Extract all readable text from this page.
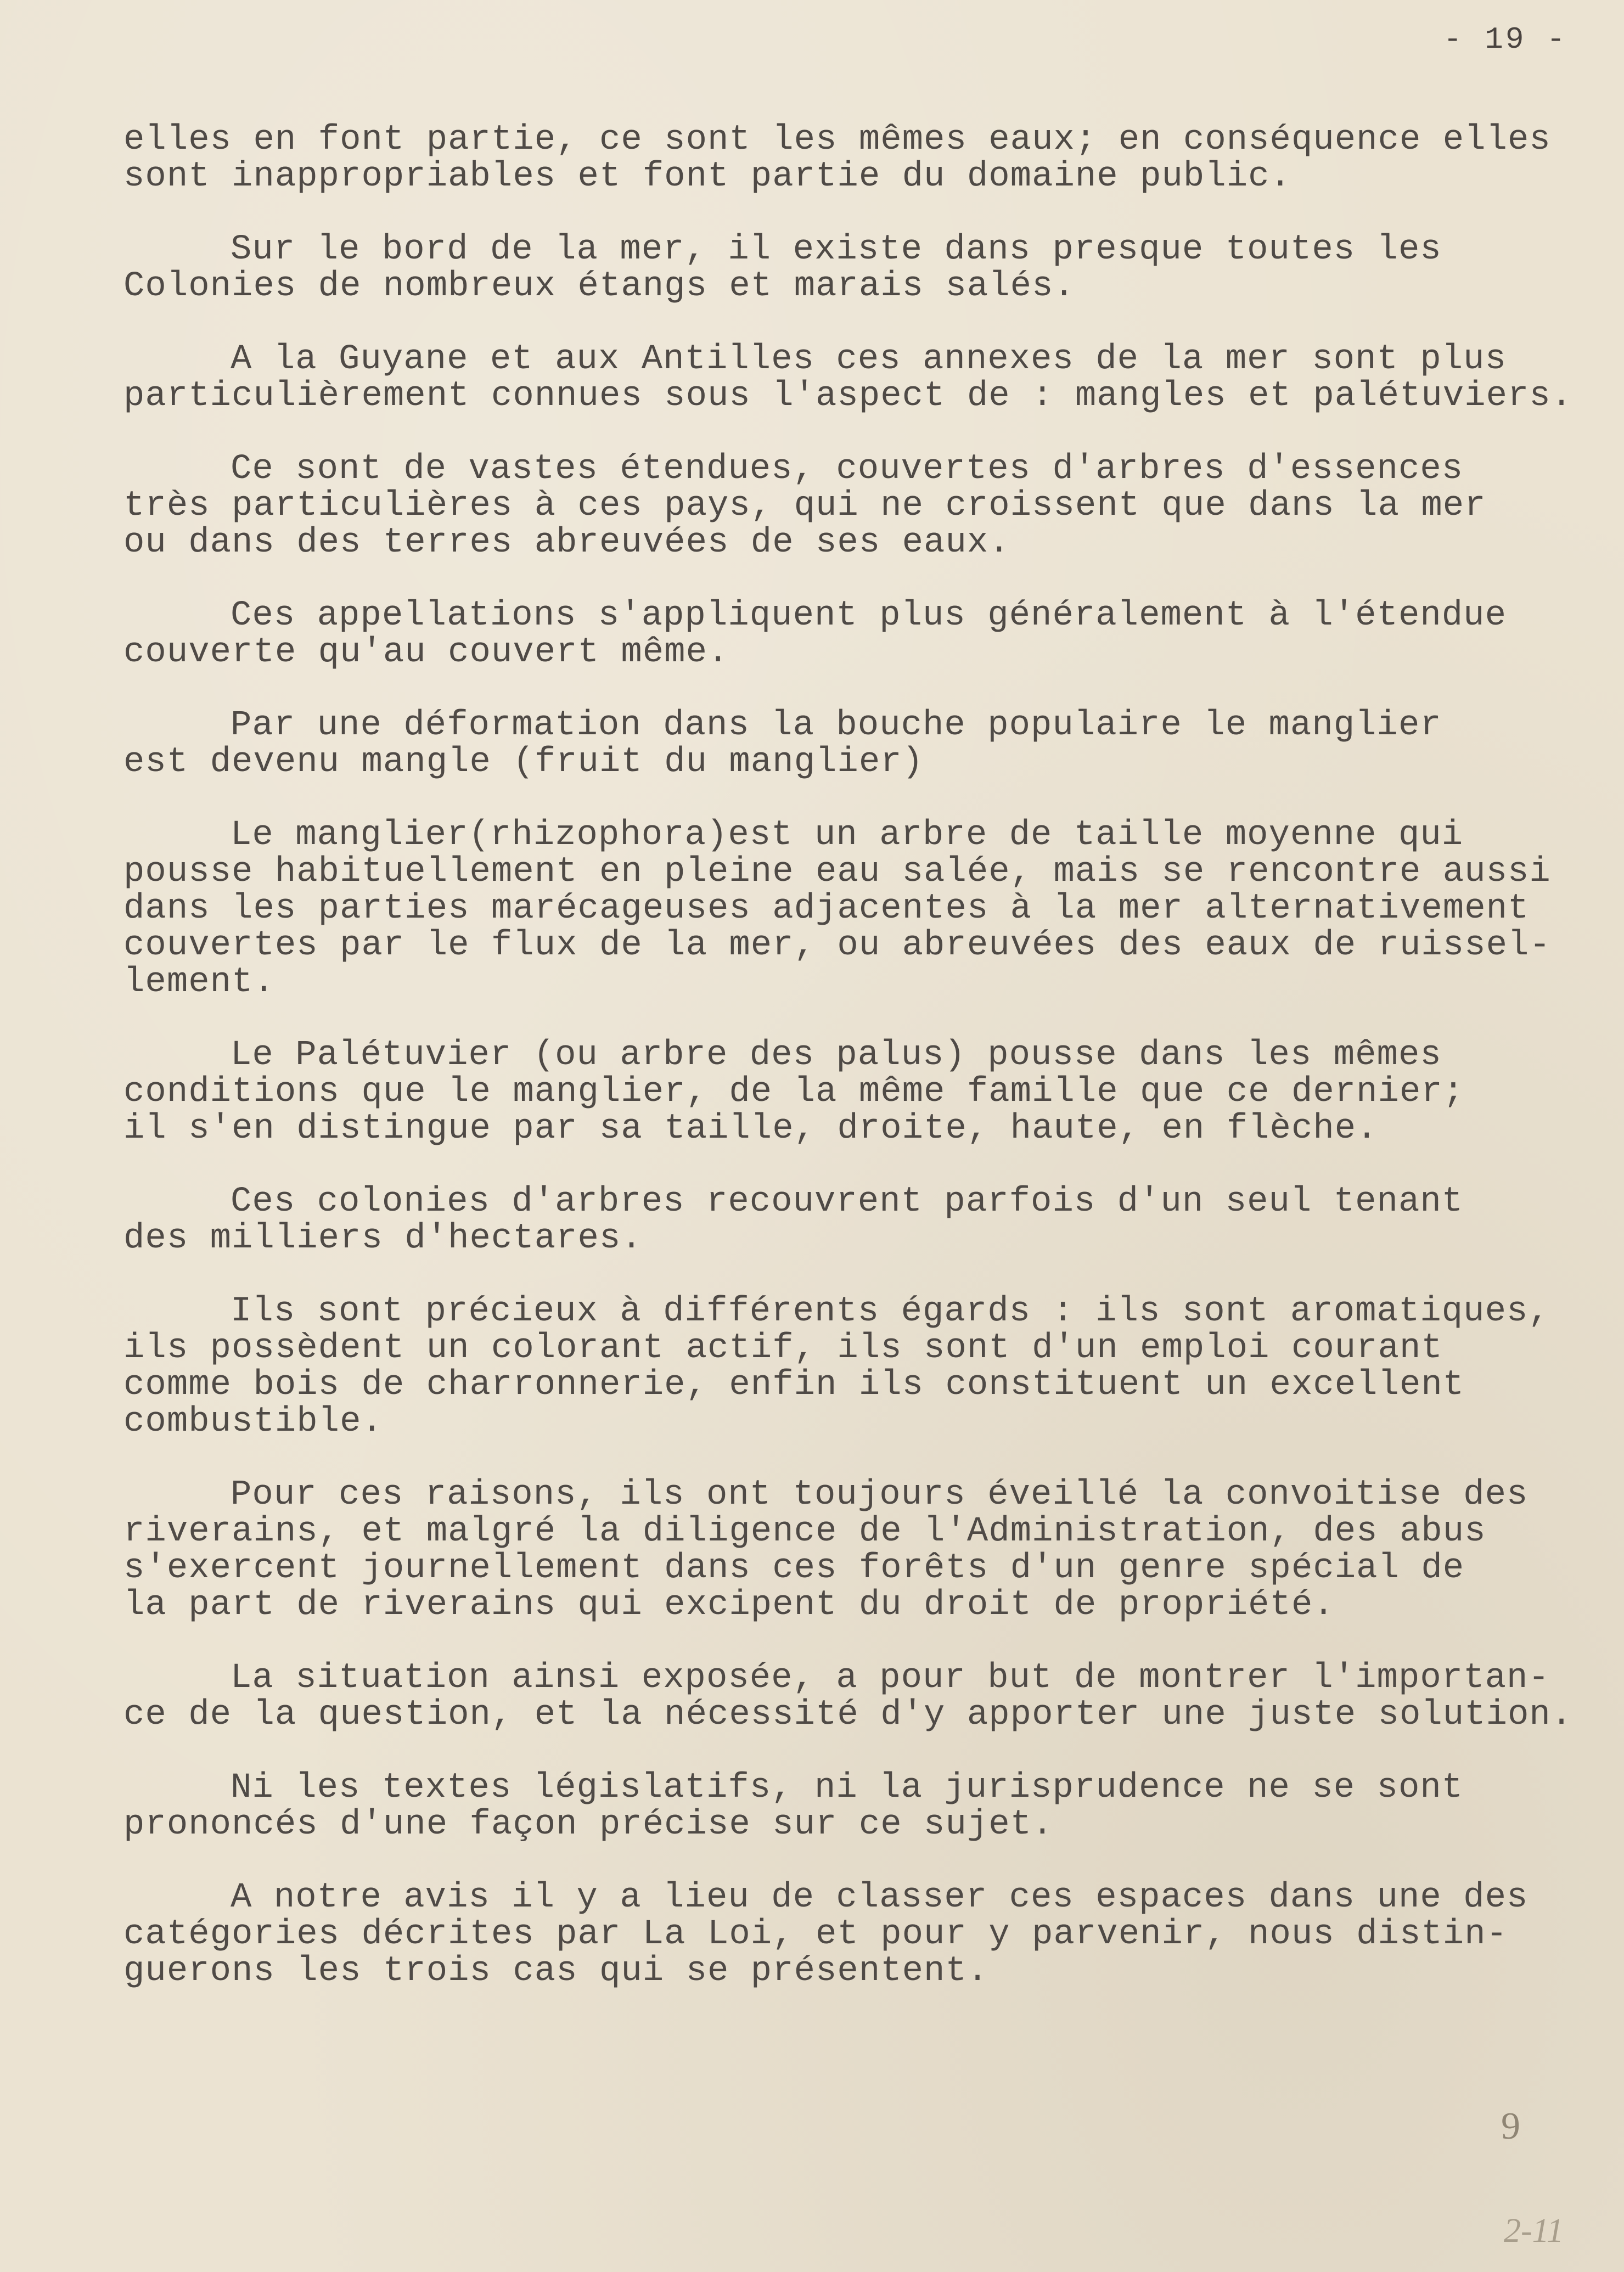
- 19 -

elles en font partie, ce sont les mêmes eaux; en conséquence elles
sont inappropriables et font partie du domaine public.

Sur le bord de la mer, il existe dans presque toutes les
Colonies de nombreux étangs et marais salés.

A la Guyane et aux Antilles ces annexes de la mer sont plus
particulièrement connues sous l'aspect de : mangles et palétuviers.

Ce sont de vastes étendues, couvertes d'arbres d'essences
très particulières à ces pays, qui ne croissent que dans la mer
ou dans des terres abreuvées de ses eaux.

Ces appellations s'appliquent plus généralement à l'étendue
couverte qu'au couvert même.

Par une déformation dans la bouche populaire le manglier
est devenu mangle (fruit du manglier)

Le manglier(rhizophora)est un arbre de taille moyenne qui
pousse habituellement en pleine eau salée, mais se rencontre aussi
dans les parties marécageuses adjacentes à la mer alternativement
couvertes par le flux de la mer, ou abreuvées des eaux de ruissel-
lement.

Le Palétuvier (ou arbre des palus) pousse dans les mêmes
conditions que le manglier, de la même famille que ce dernier;
il s'en distingue par sa taille, droite, haute, en flèche.

Ces colonies d'arbres recouvrent parfois d'un seul tenant
des milliers d'hectares.

Ils sont précieux à différents égards : ils sont aromatiques,
ils possèdent un colorant actif, ils sont d'un emploi courant
comme bois de charronnerie, enfin ils constituent un excellent
combustible.

Pour ces raisons, ils ont toujours éveillé la convoitise des
riverains, et malgré la diligence de l'Administration, des abus
s'exercent journellement dans ces forêts d'un genre spécial de
la part de riverains qui excipent du droit de propriété.

La situation ainsi exposée, a pour but de montrer l'importan-
ce de la question, et la nécessité d'y apporter une juste solution.

Ni les textes législatifs, ni la jurisprudence ne se sont
prononcés d'une façon précise sur ce sujet.

A notre avis il y a lieu de classer ces espaces dans une des
catégories décrites par La Loi, et pour y parvenir, nous distin-
guerons les trois cas qui se présentent.

9
2-11
